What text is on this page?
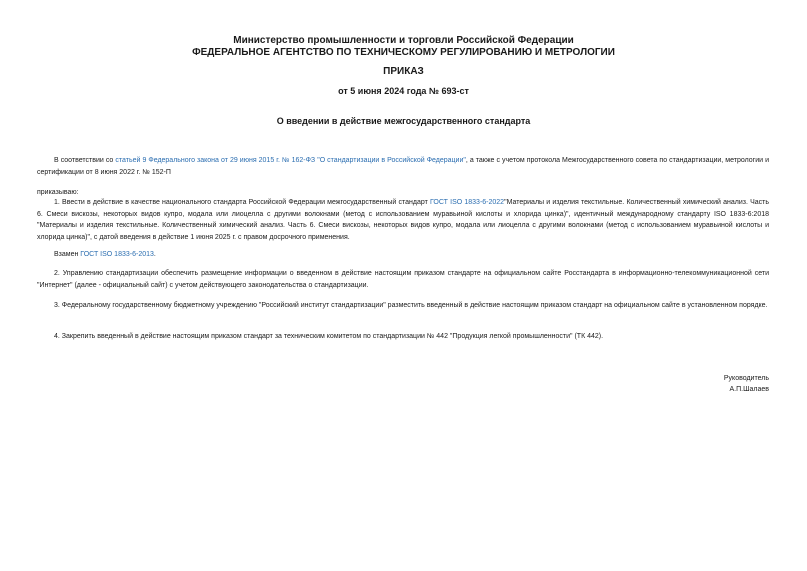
Министерство промышленности и торговли Российской Федерации
ФЕДЕРАЛЬНОЕ АГЕНТСТВО ПО ТЕХНИЧЕСКОМУ РЕГУЛИРОВАНИЮ И МЕТРОЛОГИИ
ПРИКАЗ
от 5 июня 2024 года № 693-ст
О введении в действие межгосударственного стандарта
В соответствии со статьей 9 Федерального закона от 29 июня 2015 г. № 162-ФЗ "О стандартизации в Российской Федерации", а также с учетом протокола Межгосударственного совета по стандартизации, метрологии и сертификации от 8 июня 2022 г. № 152-П
приказываю:
1. Ввести в действие в качестве национального стандарта Российской Федерации межгосударственный стандарт ГОСТ ISO 1833-6-2022"Материалы и изделия текстильные. Количественный химический анализ. Часть 6. Смеси вискозы, некоторых видов купро, модала или лиоцелла с другими волокнами (метод с использованием муравьиной кислоты и хлорида цинка)", идентичный международному стандарту ISO 1833-6:2018 "Материалы и изделия текстильные. Количественный химический анализ. Часть 6. Смеси вискозы, некоторых видов купро, модала или лиоцелла с другими волокнами (метод с использованием муравьиной кислоты и хлорида цинка)", с датой введения в действие 1 июня 2025 г. с правом досрочного применения.
Взамен ГОСТ ISO 1833-6-2013.
2. Управлению стандартизации обеспечить размещение информации о введенном в действие настоящим приказом стандарте на официальном сайте Росстандарта в информационно-телекоммуникационной сети "Интернет" (далее - официальный сайт) с учетом действующего законодательства о стандартизации.
3. Федеральному государственному бюджетному учреждению "Российский институт стандартизации" разместить введенный в действие настоящим приказом стандарт на официальном сайте в установленном порядке.
4. Закрепить введенный в действие настоящим приказом стандарт за техническим комитетом по стандартизации № 442 "Продукция легкой промышленности" (ТК 442).
Руководитель
А.П.Шалаев
